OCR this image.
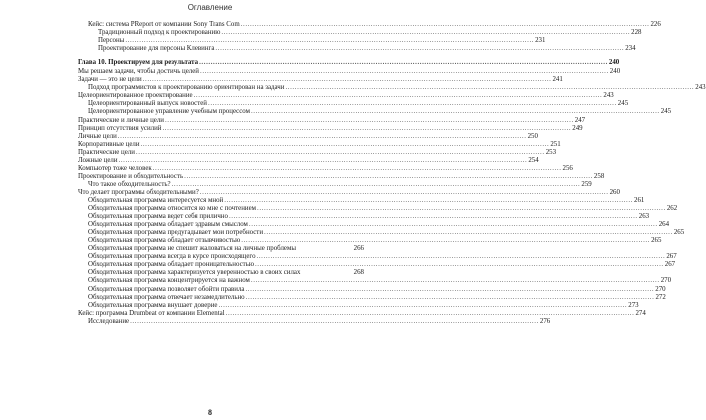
Оглавление
Кейс: система PReport от компании Sony Trans Com .....	226
Традиционный подход к проектированию .....	228
Персоны .....	231
Проектирование для персоны Клевинга .....	234
Глава 10. Проектируем для результата .....	240
Мы решаем задачи, чтобы достичь целей .....	240
Задачи — это не цели .....	241
Подход программистов к проектированию ориентирован на задачи .....	243
Целеориентированное проектирование .....	243
Целеориентированный выпуск новостей .....	245
Целеориентированное управление учебным процессом .....	245
Практические и личные цели .....	247
Принцип отсутствия усилий .....	249
Личные цели .....	250
Корпоративные цели .....	251
Практические цели .....	253
Ложные цели .....	254
Компьютер тоже человек .....	256
Проектирование и обходительность .....	258
Что такое обходительность? .....	259
Что делает программы обходительными? .....	260
Обходительная программа интересуется мной .....	261
Обходительная программа относится ко мне с почтением .....	262
Обходительная программа ведет себя прилично .....	263
Обходительная программа обладает здравым смыслом .....	264
Обходительная программа предугадывает мои потребности .....	265
Обходительная программа обладает отзывчивостью .....	265
Обходительная программа не спешит жаловаться на личные проблемы	266
Обходительная программа всегда в курсе происходящего .....	267
Обходительная программа обладает проницательностью .....	267
Обходительная программа характеризуется уверенностью в своих силах	268
Обходительная программа концентрируется на важном .....	270
Обходительная программа позволяет обойти правила .....	270
Обходительная программа отвечает незамедлительно .....	272
Обходительная программа внушает доверие .....	273
Кейс: программа Drumbeat от компании Elemental .....	274
Исследование .....	276
8
